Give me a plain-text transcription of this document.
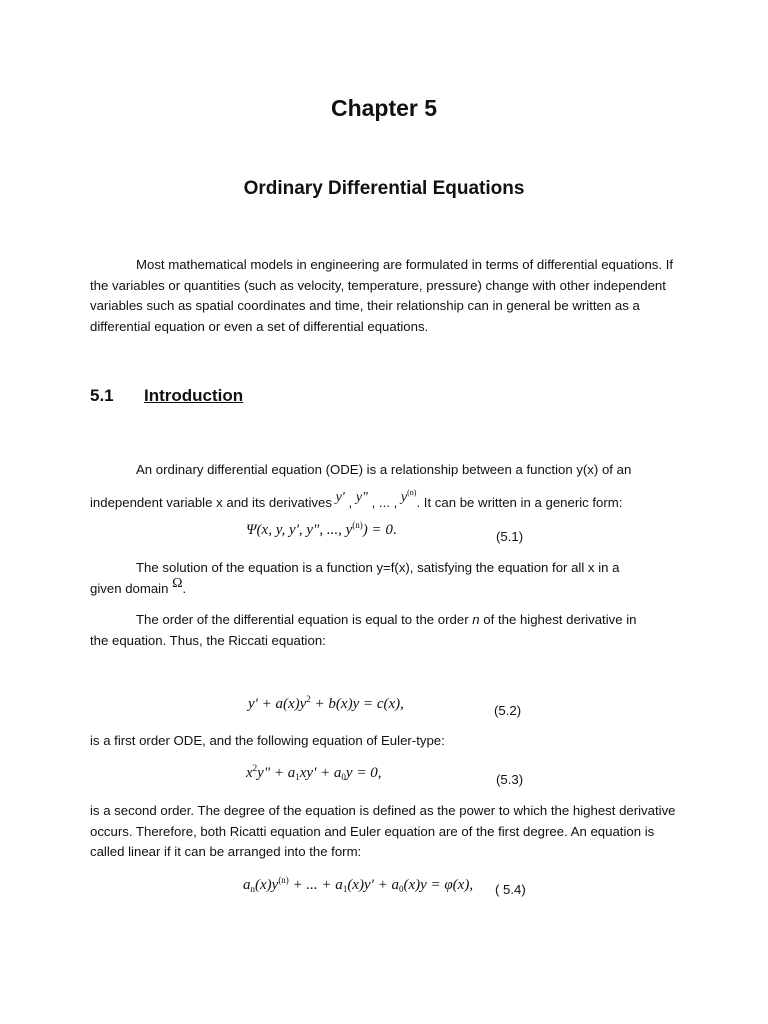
Chapter 5
Ordinary Differential Equations
Most mathematical models in engineering are formulated in terms of differential equations. If the variables or quantities (such as velocity, temperature, pressure) change with other independent variables such as spatial coordinates and time, their relationship can in general be written as a differential equation or even a set of differential equations.
5.1 Introduction
An ordinary differential equation (ODE) is a relationship between a function y(x) of an
independent variable x and its derivatives y' , y" , ... , $y^{(n)}$. It can be written in a generic form:
Ψ(x, y, y', y", ..., $y^{(n)}) = 0$.	(5.1)
The solution of the equation is a function y=f(x), satisfying the equation for all x in a
given domain Ω.
The order of the differential equation is equal to the order n of the highest derivative in
the equation. Thus, the Riccati equation:
$y' + a(x)y^2 + b(x)y = c(x)$,	(5.2)
is a first order ODE, and the following equation of Euler-type:
$x^2y$" + $a_1xy' + a_0y = 0$,	(5.3)
is a second order. The degree of the equation is defined as the power to which the highest derivative occurs. Therefore, both Ricatti equation and Euler equation are of the first degree. An equation is called linear if it can be arranged into the form:
$a_n(x)y^{(n)}$ + ... + $a_1(x)y' + a_0(x)y = \varphi(x)$, ( 5.4)
